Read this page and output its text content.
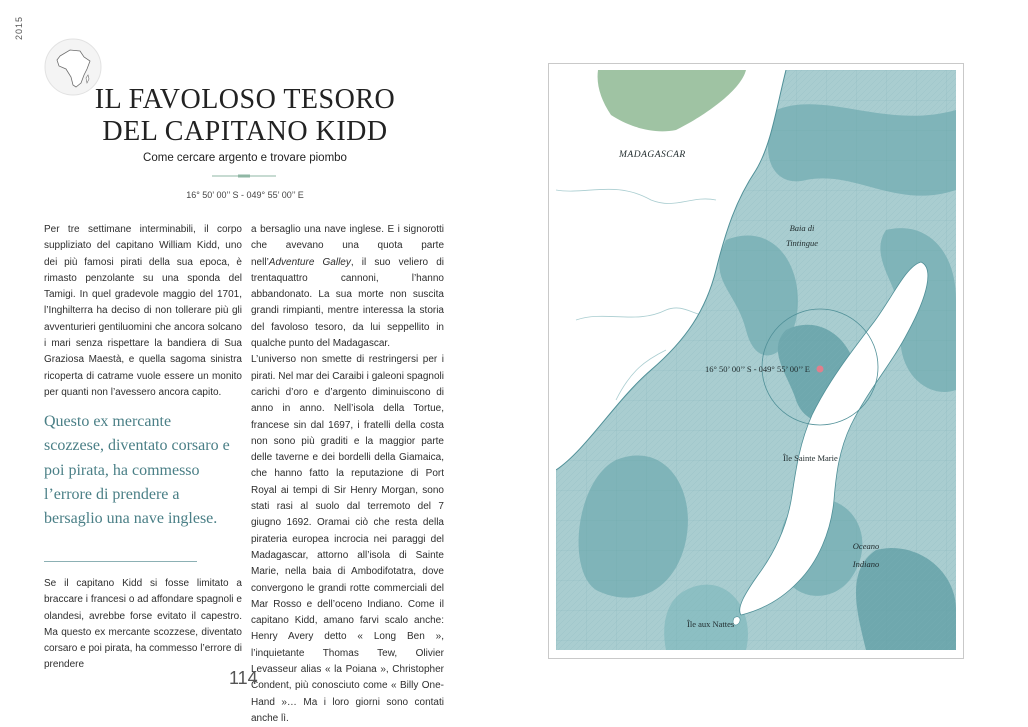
2015
IL FAVOLOSO TESORO
DEL CAPITANO KIDD
Come cercare argento e trovare piombo
16° 50’ 00’’ S - 049° 55’ 00’’ E

Per tre settimane interminabili, il corpo suppliziato del capitano William Kidd, uno dei più famosi pirati della sua epoca, è rimasto penzolante su una sponda del Tamigi. In quel gradevole maggio del 1701, l’Inghilterra ha deciso di non tollerare più gli avventurieri gentiluomini che ancora solcano i mari senza rispettare la bandiera di Sua Graziosa Maestà, e quella sagoma sinistra ricoperta di catrame vuole essere un monito per quanti non l’avessero ancora capito.

Questo ex mercante scozzese, diventato corsaro e poi pirata, ha commesso l’errore di prendere a bersaglio una nave inglese.

Se il capitano Kidd si fosse limitato a braccare i francesi o ad affondare spagnoli e olandesi, avrebbe forse evitato il capestro. Ma questo ex mercante scozzese, diventato corsaro e poi pirata, ha commesso l’errore di prendere

a bersaglio una nave inglese. E i signorotti che avevano una quota parte nell’Adventure Galley, il suo veliero di trentaquattro cannoni, l’hanno abbandonato. La sua morte non suscita grandi rimpianti, mentre interessa la storia del favoloso tesoro, da lui seppellito in qualche punto del Madagascar.
L’universo non smette di restringersi per i pirati. Nel mar dei Caraibi i galeoni spagnoli carichi d’oro e d’argento diminuiscono di anno in anno. Nell’isola della Tortue, francese sin dal 1697, i fratelli della costa non sono più graditi e la maggior parte delle taverne e dei bordelli della Giamaica, che hanno fatto la reputazione di Port Royal ai tempi di Sir Henry Morgan, sono stati rasi al suolo dal terremoto del 7 giugno 1692. Oramai ciò che resta della pirateria europea incrocia nei paraggi del Madagascar, attorno all’isola di Sainte Marie, nella baia di Ambodifotatra, dove convergono le grandi rotte commerciali del Mar Rosso e dell’oceno Indiano. Come il capitano Kidd, amano farvi scalo anche: Henry Avery detto « Long Ben », l’inquietante Thomas Tew, Olivier Levasseur alias « la Poiana », Christopher Condent, più conosciuto come « Billy One-Hand »… Ma i loro giorni sono contati anche lì.
114
MADAGASCAR
Baia di Tintingue
16° 50’ 00’’ S - 049° 55’ 00’’ E
Île Sainte Marie
Oceano Indiano
Île aux Nattes
